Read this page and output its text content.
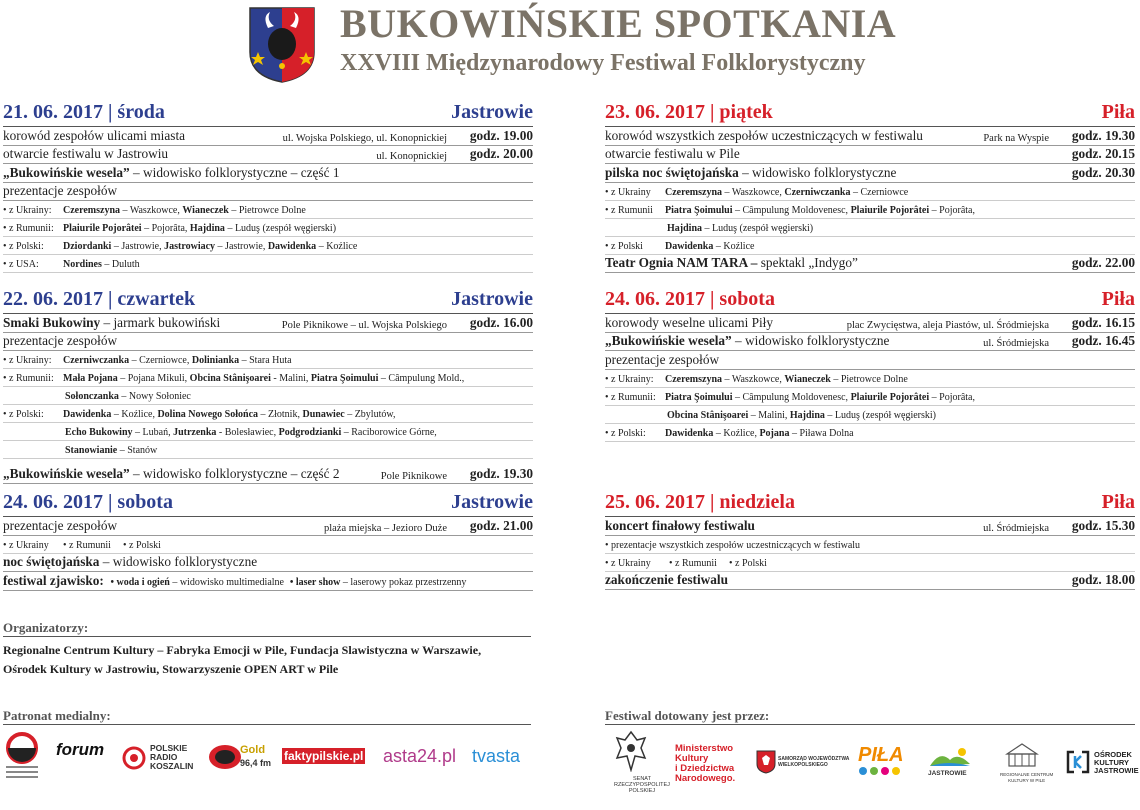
BUKOWIŃSKIE SPOTKANIA
XXVIII Międzynarodowy Festiwal Folklorystyczny
21. 06. 2017 | środa	Jastrowie
korowód zespołów ulicami miasta	ul. Wojska Polskiego, ul. Konopnickiej godz. 19.00
otwarcie festiwalu w Jastrowiu	ul. Konopnickiej godz. 20.00
„Bukowińskie wesela” – widowisko folklorystyczne – część 1
prezentacje zespołów
• z Ukrainy: Czeremszyna – Waszkowce, Wianeczek – Pietrowce Dolne
• z Rumunii: Plaiurile Pojorâtei – Pojorâta, Hajdina – Luduş (zespół węgierski)
• z Polski: Dziordanki – Jastrowie, Jastrowiacy – Jastrowie, Dawidenka – Koźlice
• z USA: Nordines – Duluth
22. 06. 2017 | czwartek	Jastrowie
Smaki Bukowiny – jarmark bukowiński	Pole Piknikowe – ul. Wojska Polskiego godz. 16.00
prezentacje zespołów
• z Ukrainy: Czerniwczanka – Czerniowce, Dolinianka – Stara Huta
• z Rumunii: Mała Pojana – Pojana Mikuli, Obcina Stânişoarei - Malini, Piatra Şoimului – Câmpulung Mold.,
Sołonczanka – Nowy Sołoniec
• z Polski: Dawidenka – Koźlice, Dolina Nowego Sołońca – Złotnik, Dunawiec – Zbylutów,
Echo Bukowiny – Lubań, Jutrzenka - Bolesławiec, Podgrodzianki – Raciborowice Górne,
Stanowianie – Stanów
„Bukowińskie wesela” – widowisko folklorystyczne – część 2	Pole Piknikowe godz. 19.30
24. 06. 2017 | sobota	Jastrowie
prezentacje zespołów	plaża miejska – Jezioro Duże godz. 21.00
• z Ukrainy • z Rumunii • z Polski
noc świętojańska – widowisko folklorystyczne
festiwal zjawisko: • woda i ogień – widowisko multimedialne  • laser show – laserowy pokaz przestrzenny
23. 06. 2017 | piątek	Piła
korowód wszystkich zespołów uczestniczących w festiwalu	Park na Wyspie godz. 19.30
otwarcie festiwalu w Pile	godz. 20.15
pilska noc świętojańska – widowisko folklorystyczne	godz. 20.30
• z Ukrainy Czeremszyna – Waszkowce, Czerniwczanka – Czerniowce
• z Rumunii Piatra Şoimului – Câmpulung Moldovenesc, Plaiurile Pojorâtei – Pojorâta,
Hajdina – Luduş (zespół węgierski)
• z Polski Dawidenka – Koźlice
Teatr Ognia NAM TARA – spektakl „Indygo”	godz. 22.00
24. 06. 2017 | sobota	Piła
korowody weselne ulicami Piły	plac Zwycięstwa, aleja Piastów, ul. Śródmiejska godz. 16.15
„Bukowińskie wesela” – widowisko folklorystyczne	ul. Śródmiejska godz. 16.45
prezentacje zespołów
• z Ukrainy: Czeremszyna – Waszkowce, Wianeczek – Pietrowce Dolne
• z Rumunii: Piatra Şoimului – Câmpulung Moldovenesc, Plaiurile Pojorâtei – Pojorâta,
Obcina Stânişoarei – Malini, Hajdina – Luduş (zespół węgierski)
• z Polski: Dawidenka – Koźlice, Pojana – Piława Dolna
25. 06. 2017 | niedziela	Piła
koncert finałowy festiwalu	ul. Śródmiejska godz. 15.30
• prezentacje wszystkich zespołów uczestniczących w festiwalu
• z Ukrainy • z Rumunii • z Polski
zakończenie festiwalu	godz. 18.00
Organizatorzy:
Regionalne Centrum Kultury – Fabryka Emocji w Pile, Fundacja Slawistyczna w Warszawie,
Ośrodek Kultury w Jastrowiu, Stowarzyszenie OPEN ART w Pile
Patronat medialny:	Festiwal dotowany jest przez:
forum	POLSKIE
RADIO
KOSZALIN
Gold
96,4 fm faktypilskie.pl asta24.pl tvasta
SENAT
RZECZYPOSPOLITEJ
POLSKIEJ
Ministerstwo
Kultury
i Dziedzictwa
Narodowego.
SAMORZĄD WOJEWÓDZTWA
WIELKOPOLSKIEGO	PIŁA
JASTROWIE	REGIONALNE CENTRUM
KULTURY W PILE
OŚRODEK
KULTURY
JASTROWIE
